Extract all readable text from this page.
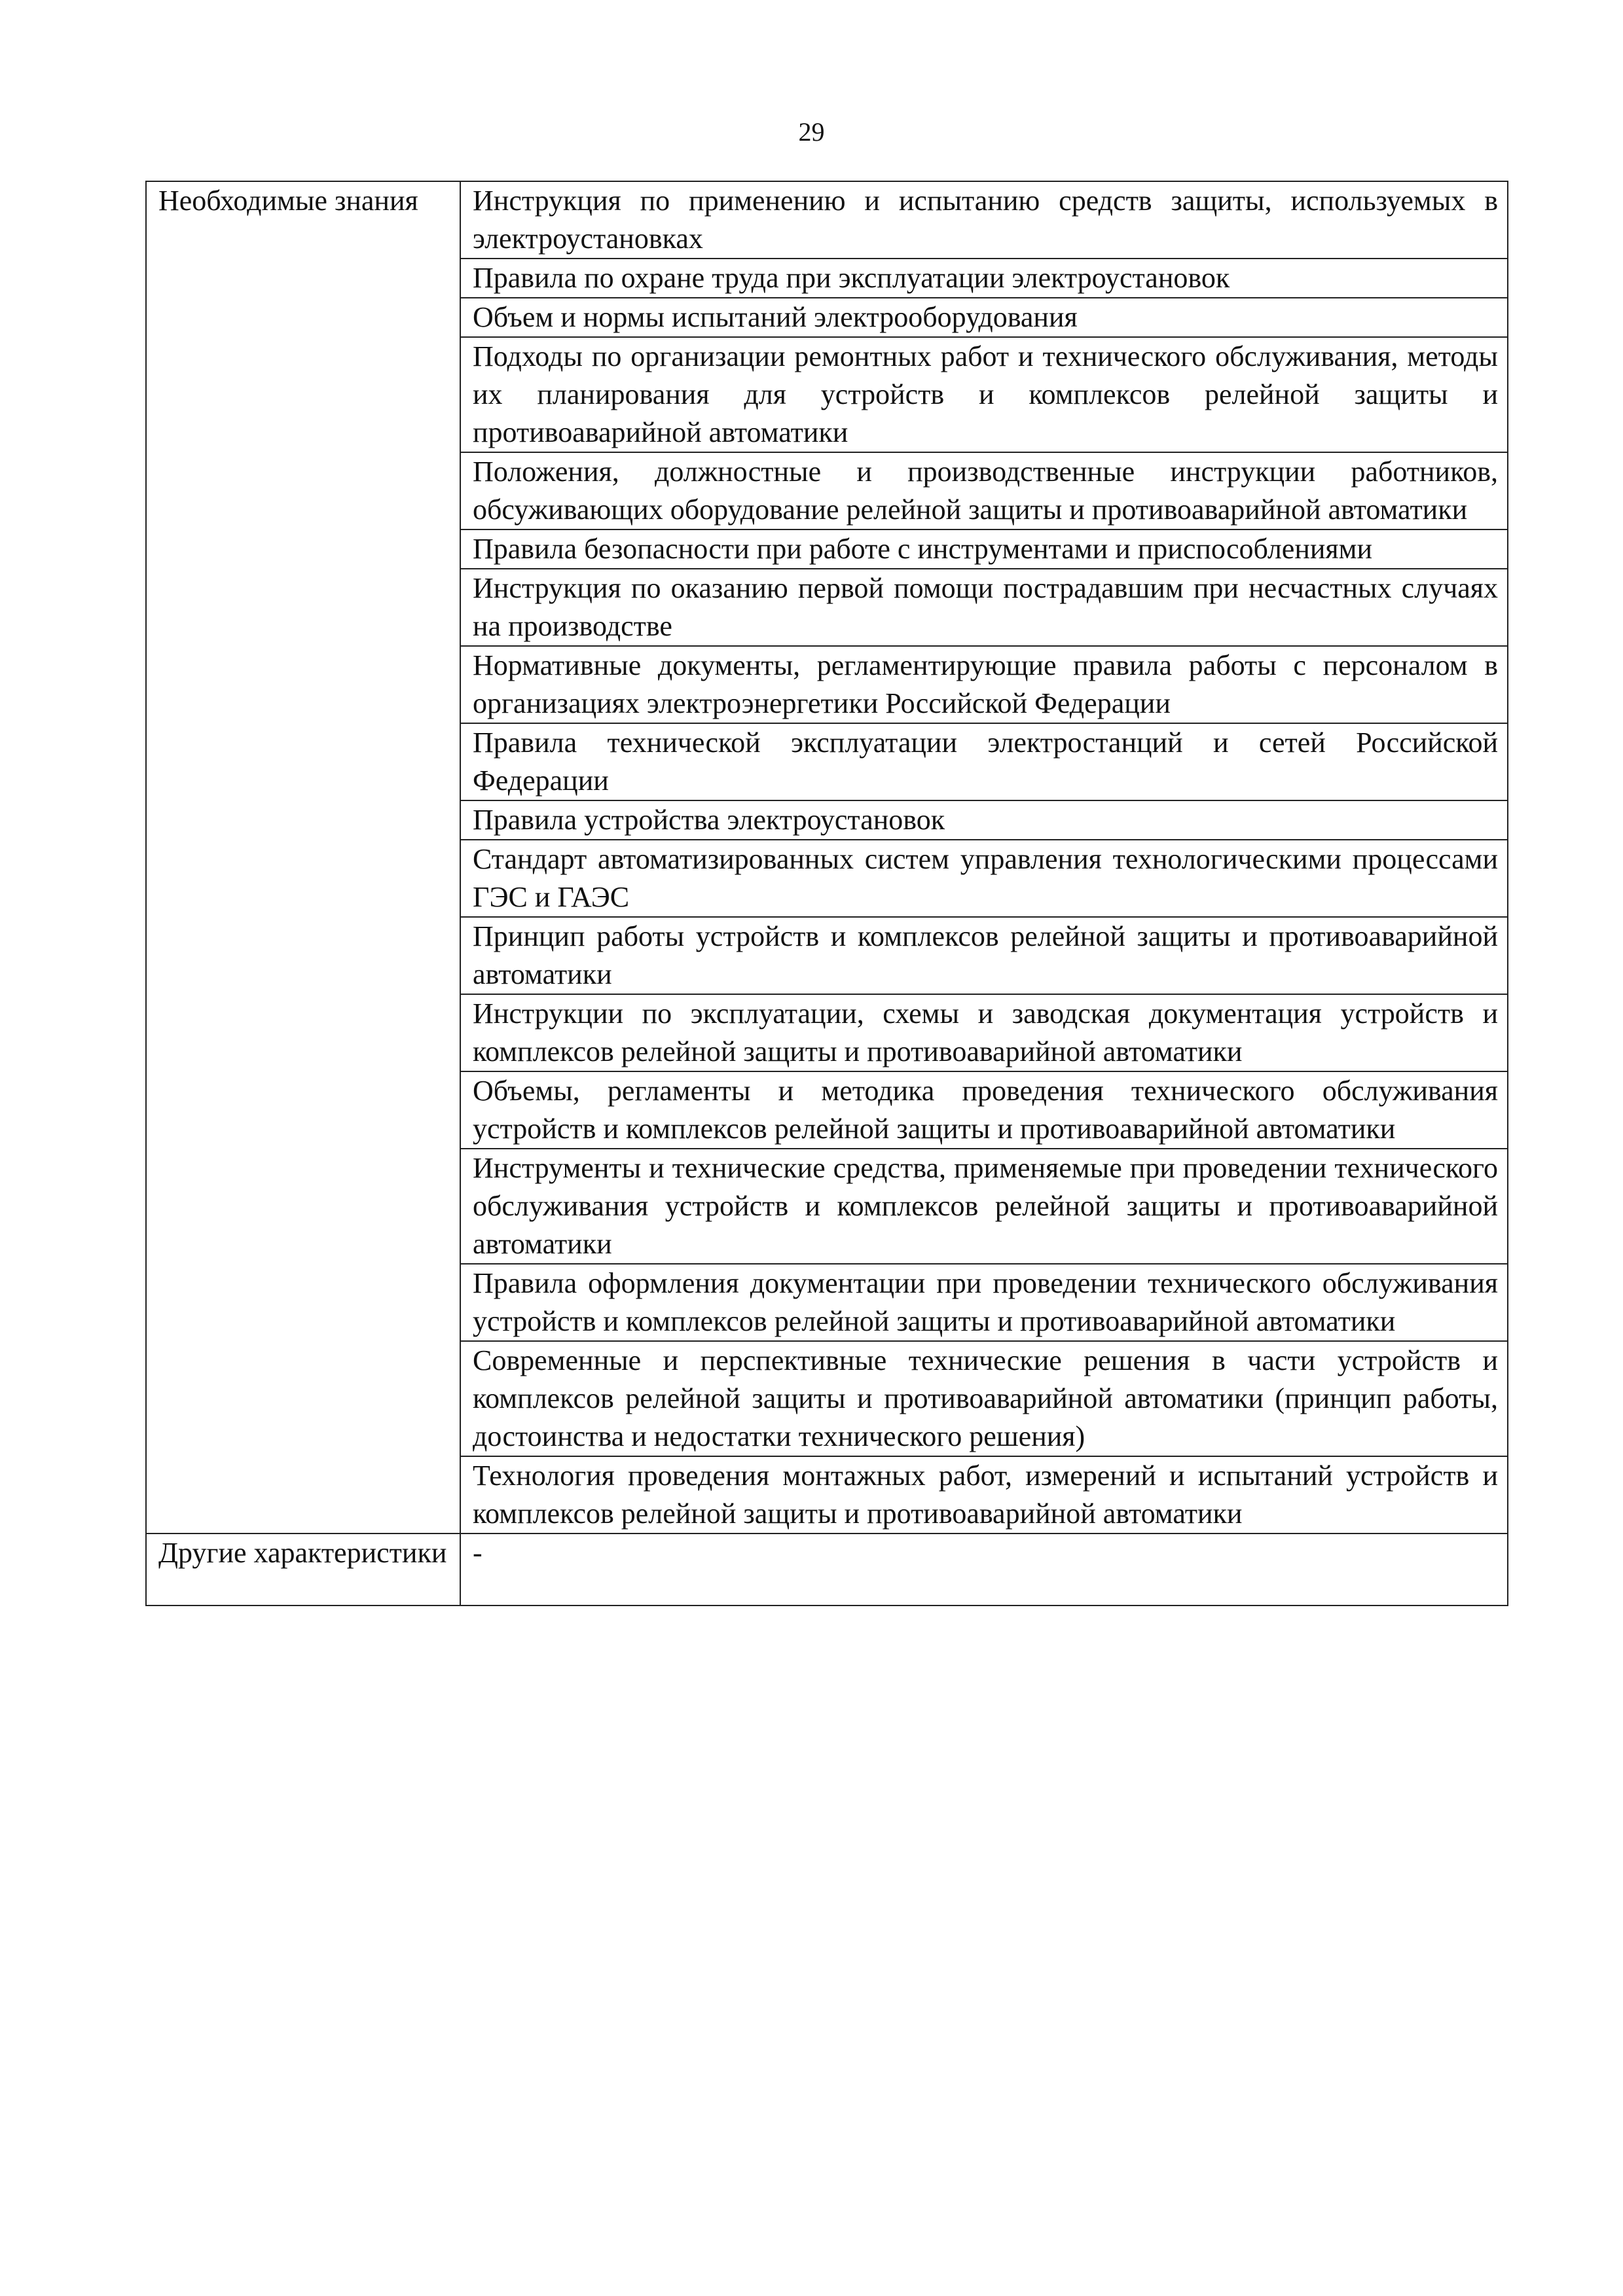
29
Необходимые знания	Инструкция по применению и испытанию средств защиты, используемых в электроустановках
	Правила по охране труда при эксплуатации электроустановок
	Объем и нормы испытаний электрооборудования
	Подходы по организации ремонтных работ и технического обслуживания, методы их планирования для устройств и комплексов релейной защиты и противоаварийной автоматики
	Положения, должностные и производственные инструкции работников, обсуживающих оборудование релейной защиты и противоаварийной автоматики
	Правила безопасности при работе с инструментами и приспособлениями
	Инструкция по оказанию первой помощи пострадавшим при несчастных случаях на производстве
	Нормативные документы, регламентирующие правила работы с персоналом в организациях электроэнергетики Российской Федерации
	Правила технической эксплуатации электростанций и сетей Российской Федерации
	Правила устройства электроустановок
	Стандарт автоматизированных систем управления технологическими процессами ГЭС и ГАЭС
	Принцип работы устройств и комплексов релейной защиты и противоаварийной автоматики
	Инструкции по эксплуатации, схемы и заводская документация устройств и комплексов релейной защиты и противоаварийной автоматики
	Объемы, регламенты и методика проведения технического обслуживания устройств и комплексов релейной защиты и противоаварийной автоматики
	Инструменты и технические средства, применяемые при проведении технического обслуживания устройств и комплексов релейной защиты и противоаварийной автоматики
	Правила оформления документации при проведении технического обслуживания устройств и комплексов релейной защиты и противоаварийной автоматики
	Современные и перспективные технические решения в части устройств и комплексов релейной защиты и противоаварийной автоматики (принцип работы, достоинства и недостатки технического решения)
	Технология проведения монтажных работ, измерений и испытаний устройств и комплексов релейной защиты и противоаварийной автоматики
Другие характеристики	-
